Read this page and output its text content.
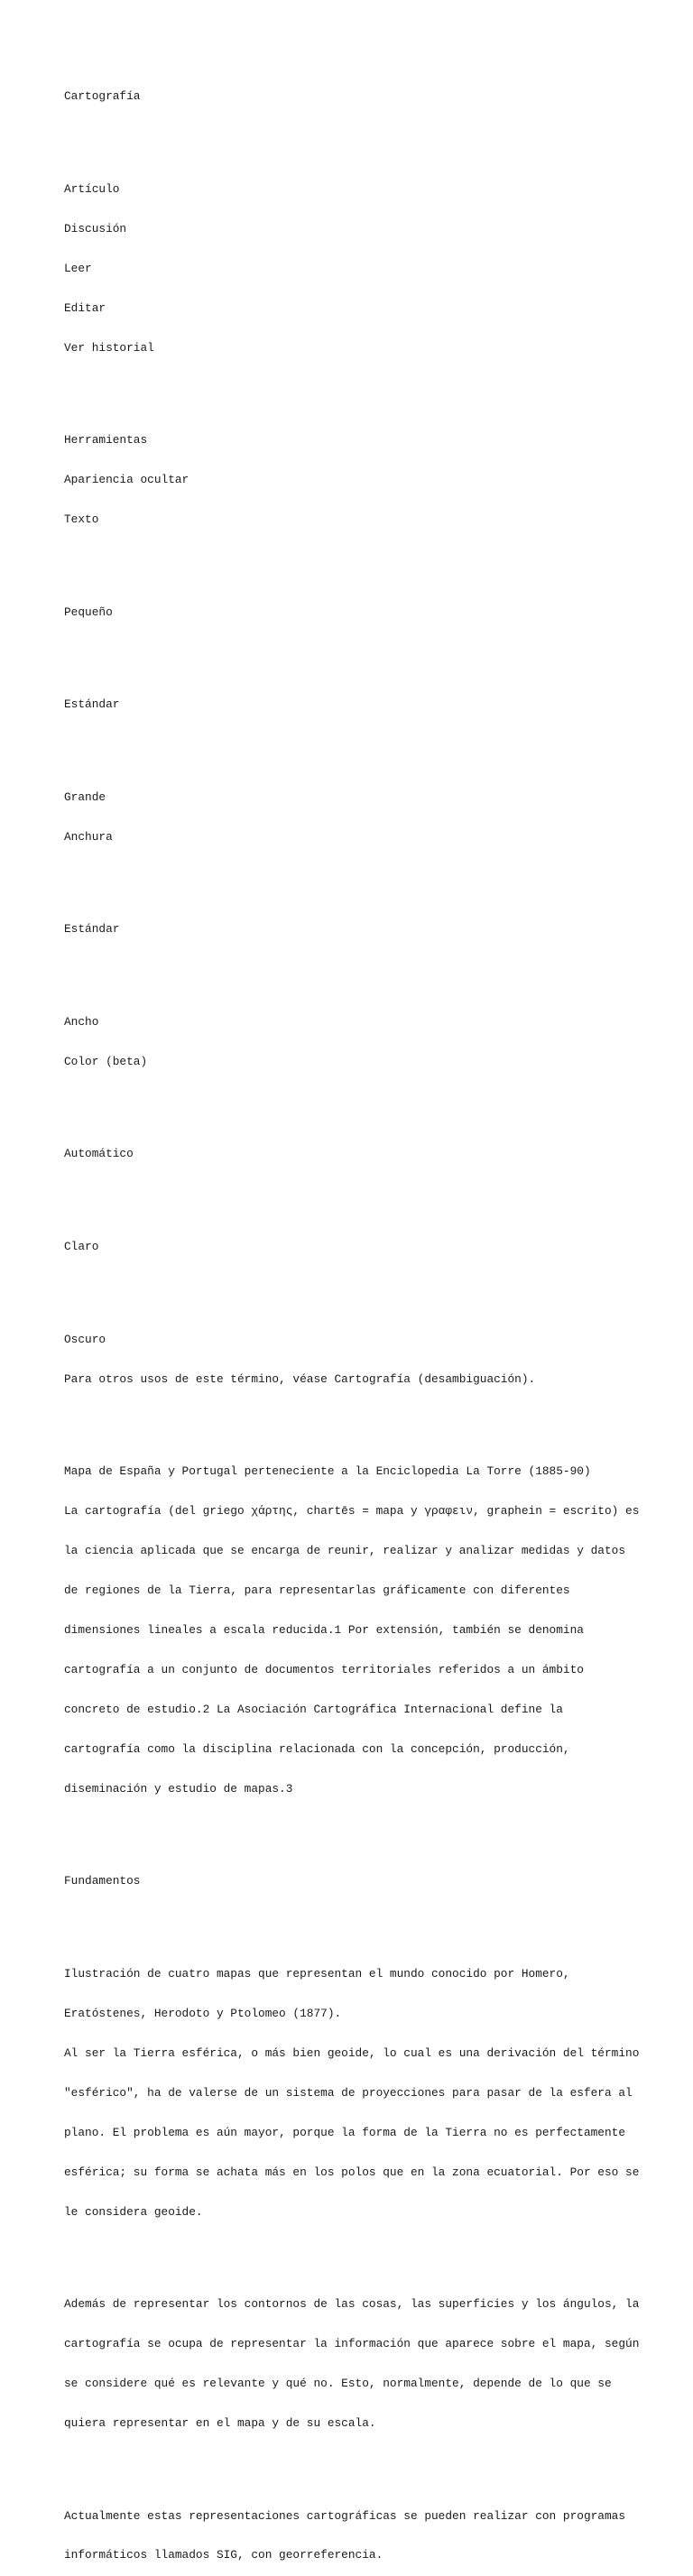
Cartografía

Artículo

Discusión

Leer

Editar

Ver historial

Herramientas

Apariencia ocultar

Texto

Pequeño

Estándar

Grande

Anchura

Estándar

Ancho

Color (beta)

Automático

Claro

Oscuro

Para otros usos de este término, véase Cartografía (desambiguación).

Mapa de España y Portugal perteneciente a la Enciclopedia La Torre (1885-90)

La cartografía (del griego χάρτης, chartēs = mapa y γραφειν, graphein = escrito) es

la ciencia aplicada que se encarga de reunir, realizar y analizar medidas y datos

de regiones de la Tierra, para representarlas gráficamente con diferentes

dimensiones lineales a escala reducida.1 Por extensión, también se denomina

cartografía a un conjunto de documentos territoriales referidos a un ámbito

concreto de estudio.2 La Asociación Cartográfica Internacional define la

cartografía como la disciplina relacionada con la concepción, producción,

diseminación y estudio de mapas.3

Fundamentos

Ilustración de cuatro mapas que representan el mundo conocido por Homero,

Eratóstenes, Herodoto y Ptolomeo (1877).

Al ser la Tierra esférica, o más bien geoide, lo cual es una derivación del término

"esférico", ha de valerse de un sistema de proyecciones para pasar de la esfera al

plano. El problema es aún mayor, porque la forma de la Tierra no es perfectamente

esférica; su forma se achata más en los polos que en la zona ecuatorial. Por eso se

le considera geoide.

Además de representar los contornos de las cosas, las superficies y los ángulos, la

cartografía se ocupa de representar la información que aparece sobre el mapa, según

se considere qué es relevante y qué no. Esto, normalmente, depende de lo que se

quiera representar en el mapa y de su escala.

Actualmente estas representaciones cartográficas se pueden realizar con programas

informáticos llamados SIG, con georreferencia.
